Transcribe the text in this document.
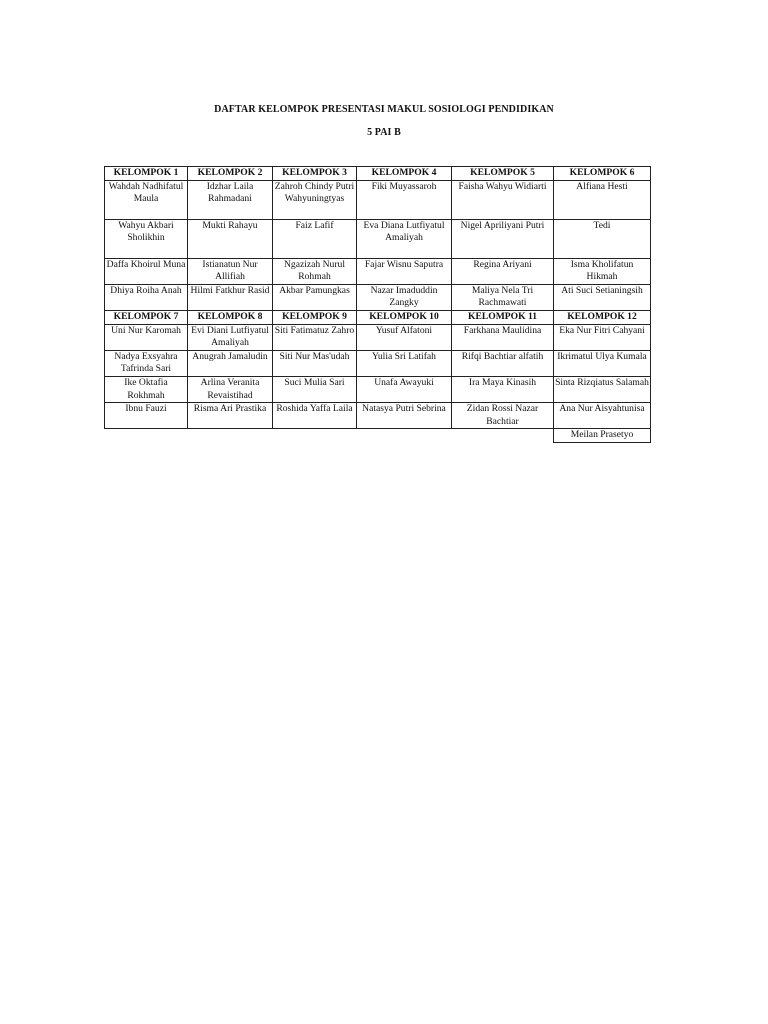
DAFTAR KELOMPOK PRESENTASI MAKUL SOSIOLOGI PENDIDIKAN
5 PAI B
KELOMPOK 1	KELOMPOK 2	KELOMPOK 3	KELOMPOK 4	KELOMPOK 5	KELOMPOK 6
Wahdah Nadhifatul Maula	Idzhar Laila Rahmadani	Zahroh Chindy Putri Wahyuningtyas	Fiki Muyassaroh	Faisha Wahyu Widiarti	Alfiana Hesti
Wahyu Akbari Sholikhin	Mukti Rahayu	Faiz Lafif	Eva Diana Lutfiyatul Amaliyah	Nigel Apriliyani Putri	Tedi
Daffa Khoirul Muna	Istianatun Nur Allifiah	Ngazizah Nurul Rohmah	Fajar Wisnu Saputra	Regina Ariyani	Isma Kholifatun Hikmah
Dhiya Roiha Anah	Hilmi Fatkhur Rasid	Akbar Pamungkas	Nazar Imaduddin Zangky	Maliya Nela Tri Rachmawati	Ati Suci Setianingsih
KELOMPOK 7	KELOMPOK 8	KELOMPOK 9	KELOMPOK 10	KELOMPOK 11	KELOMPOK 12
Uni Nur Karomah	Evi Diani Lutfiyatul Amaliyah	Siti Fatimatuz Zahro	Yusuf Alfatoni	Farkhana Maulidina	Eka Nur Fitri Cahyani
Nadya Exsyahra Tafrinda Sari	Anugrah Jamaludin	Siti Nur Mas'udah	Yulia Sri Latifah	Rifqi Bachtiar alfatih	Ikrimatul Ulya Kumala
Ike Oktafia Rokhmah	Arlina Veranita Revaistihad	Suci Mulia Sari	Unafa Awayuki	Ira Maya Kinasih	Sinta Rizqiatus Salamah
Ibnu Fauzi	Risma Ari Prastika	Roshida Yaffa Laila	Natasya Putri Sebrina	Zidan Rossi Nazar Bachtiar	Ana Nur Aisyahtunisa
					Meilan Prasetyo
